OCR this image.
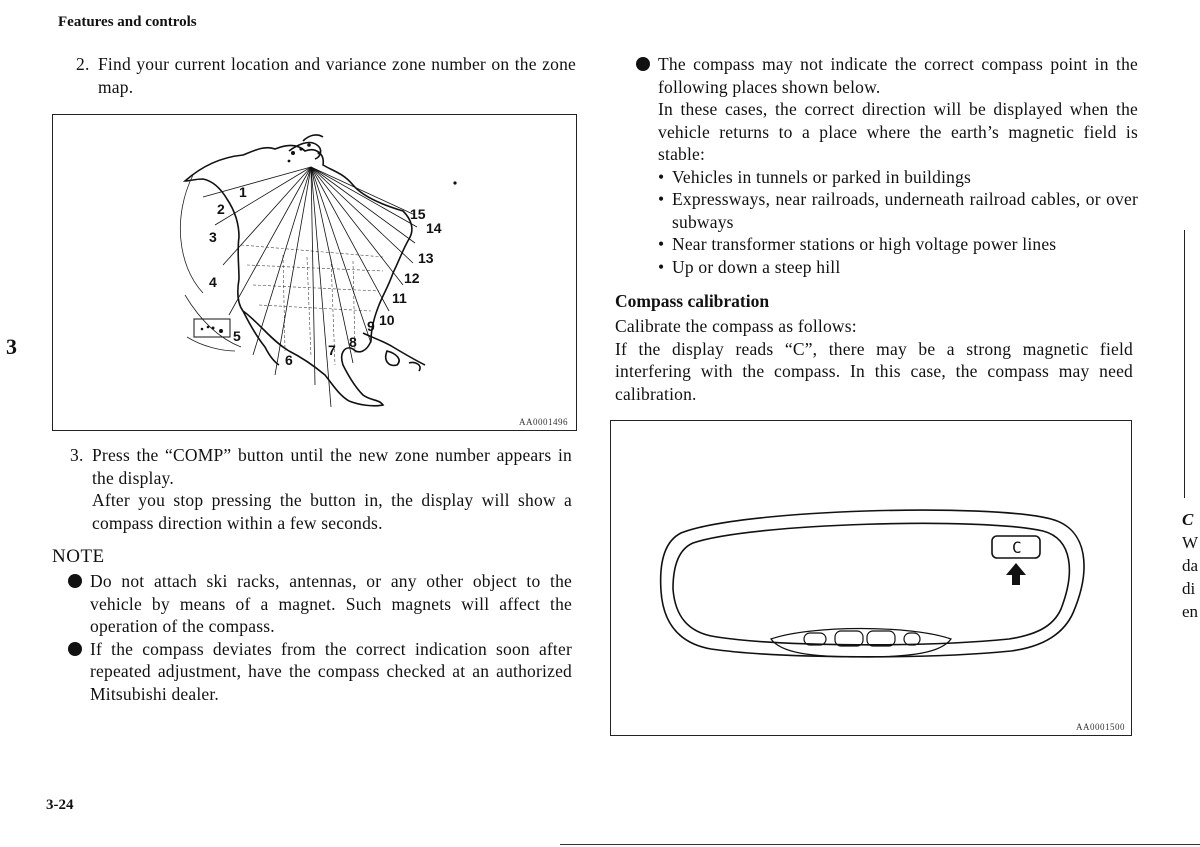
Features and controls
3
2. Find your current location and variance zone number on the zone map.
1
2
3
4
5
6
7 8
9 10
11
12
13
14
15
AA0001496
3. Press the “COMP” button until the new zone number appears in the display.
After you stop pressing the button in, the display will show a compass direction within a few seconds.
NOTE
Do not attach ski racks, antennas, or any other object to the vehicle by means of a magnet. Such magnets will affect the operation of the compass.
If the compass deviates from the correct indication soon after repeated adjustment, have the compass checked at an authorized Mitsubishi dealer.
The compass may not indicate the correct compass point in the following places shown below.
In these cases, the correct direction will be displayed when the vehicle returns to a place where the earth’s magnetic field is stable:
• Vehicles in tunnels or parked in buildings
• Expressways, near railroads, underneath railroad cables, or over subways
• Near transformer stations or high voltage power lines
• Up or down a steep hill
Compass calibration
Calibrate the compass as follows:
If the display reads “C”, there may be a strong magnetic field interfering with the compass. In this case, the compass may need calibration.
C
AA0001500
C
W
da
di
en
3-24
